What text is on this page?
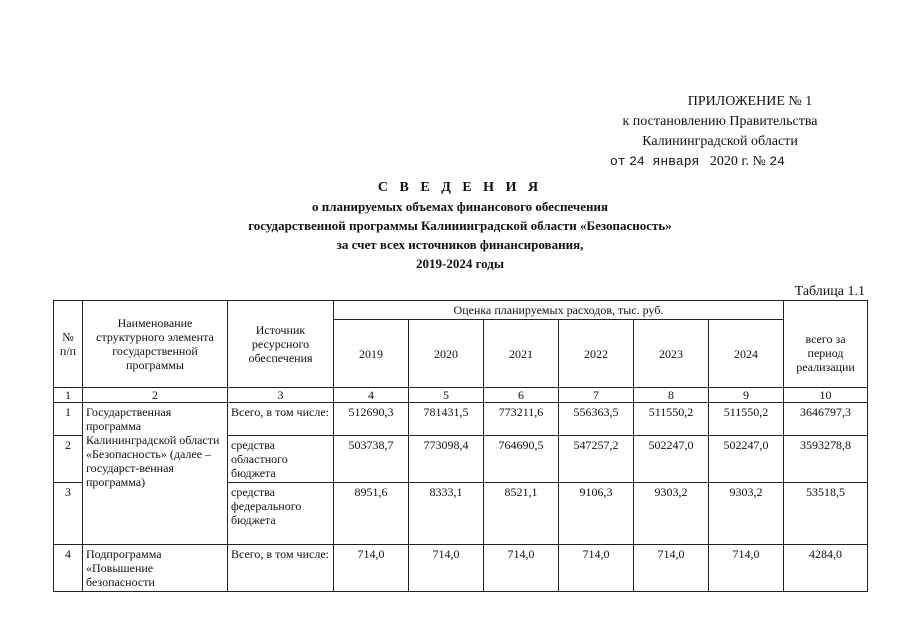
ПРИЛОЖЕНИЕ № 1
к постановлению Правительства
Калининградской области
от 24 января 2020 г. № 24
С В Е Д Е Н И Я
о планируемых объемах финансового обеспечения
государственной программы Калининградской области «Безопасность»
за счет всех источников финансирования,
2019-2024 годы
Таблица 1.1
№ п/п	Наименование структурного элемента государственной программы	Источник ресурсного обеспечения	Оценка планируемых расходов, тыс. руб.						
			2019	2020	2021	2022	2023	2024	всего за период реализации
1	2	3	4	5	6	7	8	9	10
1	Государственная программа Калининградской области «Безопасность» (далее – государст-венная программа)	Всего, в том числе:	512690,3	781431,5	773211,6	556363,5	511550,2	511550,2	3646797,3
2		средства областного бюджета	503738,7	773098,4	764690,5	547257,2	502247,0	502247,0	3593278,8
3		средства федерального бюджета	8951,6	8333,1	8521,1	9106,3	9303,2	9303,2	53518,5
4	Подпрограмма «Повышение безопасности	Всего, в том числе:	714,0	714,0	714,0	714,0	714,0	714,0	4284,0
